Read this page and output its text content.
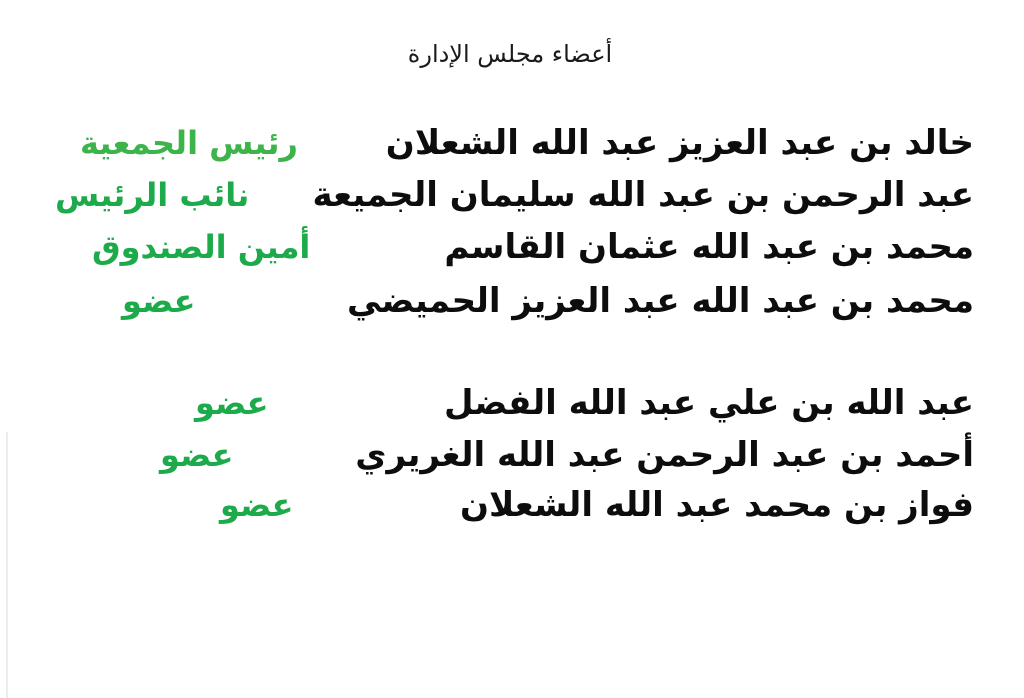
أعضاء مجلس الإدارة
خالد بن عبد العزيز عبد الله الشعلان
رئيس الجمعية
عبد الرحمن بن عبد الله سليمان الجميعة
نائب الرئيس
محمد بن عبد الله عثمان القاسم
أمين الصندوق
محمد بن عبد الله عبد العزيز الحميضي
عضو
عبد الله بن علي عبد الله الفضل
عضو
أحمد بن عبد الرحمن عبد الله الغريري
عضو
فواز بن محمد عبد الله الشعلان
عضو
